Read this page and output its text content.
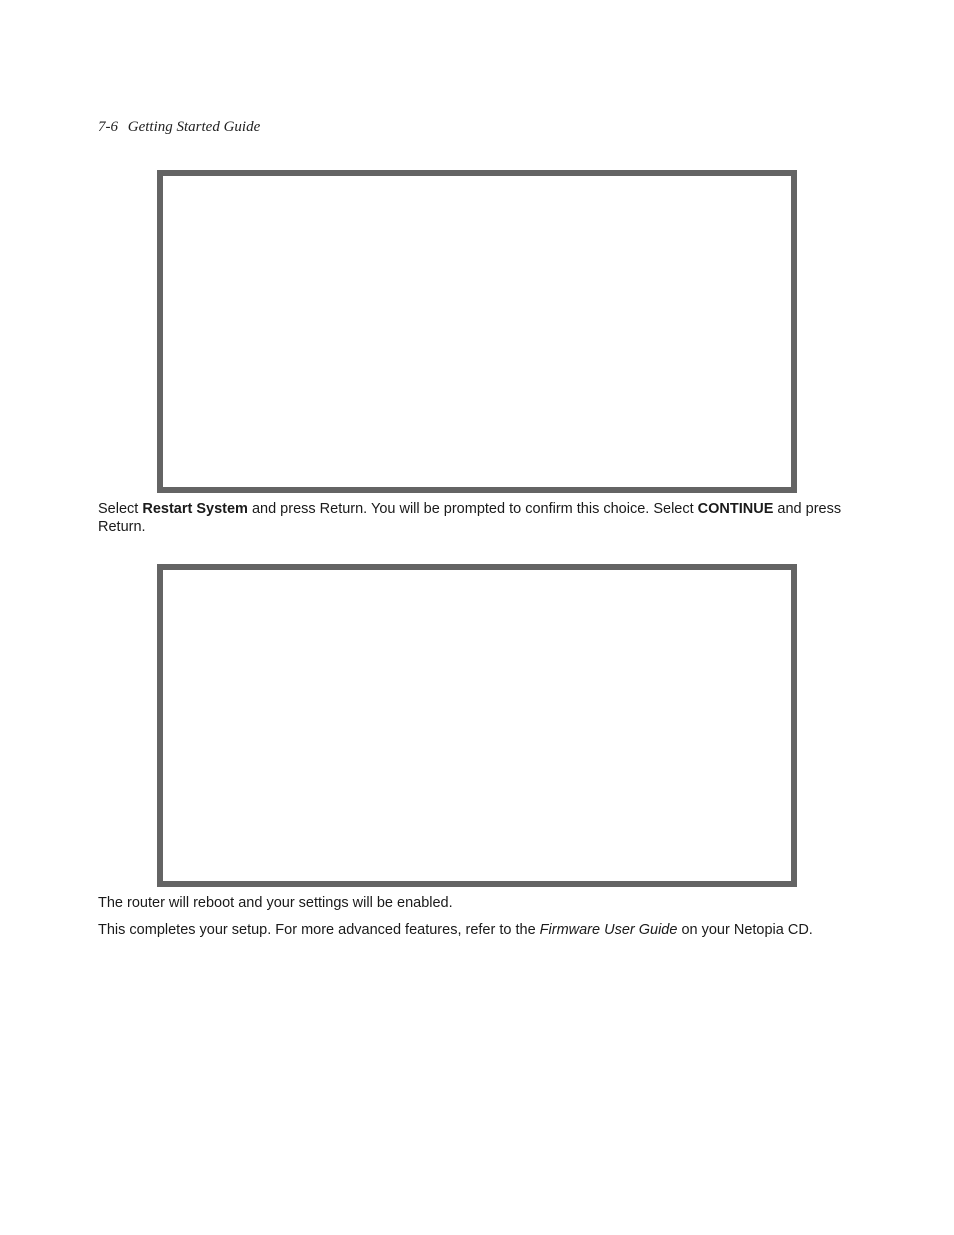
7-6 Getting Started Guide
Select Restart System and press Return. You will be prompted to confirm this choice. Select CONTINUE and press Return.
The router will reboot and your settings will be enabled.
This completes your setup. For more advanced features, refer to the Firmware User Guide on your Netopia CD.
